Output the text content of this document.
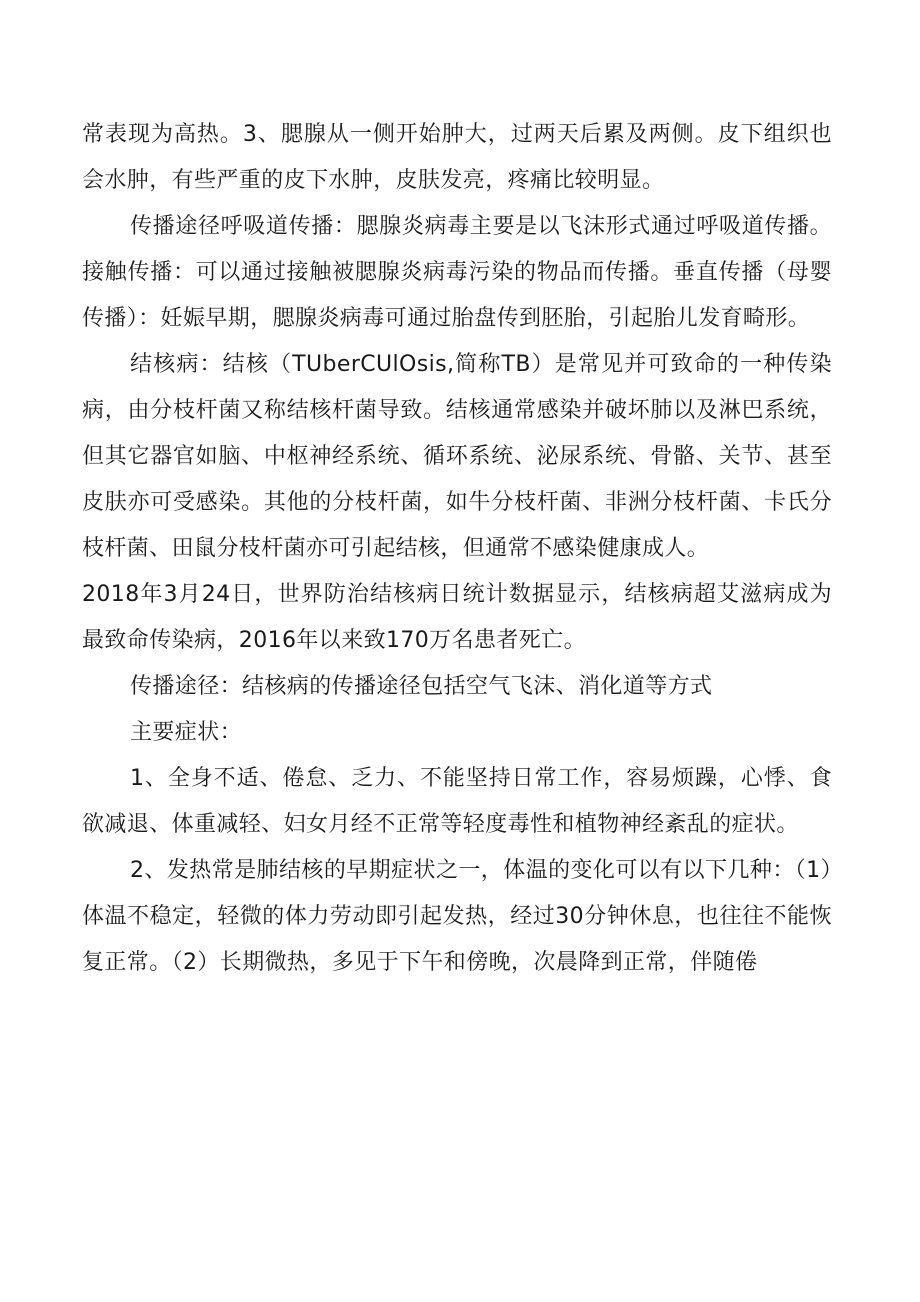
常表现为高热。3、腮腺从一侧开始肿大，过两天后累及两侧。皮下组织也会水肿，有些严重的皮下水肿，皮肤发亮，疼痛比较明显。

传播途径呼吸道传播：腮腺炎病毒主要是以飞沫形式通过呼吸道传播。接触传播：可以通过接触被腮腺炎病毒污染的物品而传播。垂直传播（母婴传播）：妊娠早期，腮腺炎病毒可通过胎盘传到胚胎，引起胎儿发育畸形。

结核病：结核（TUberCUlOsis,简称TB）是常见并可致命的一种传染病，由分枝杆菌又称结核杆菌导致。结核通常感染并破坏肺以及淋巴系统，但其它器官如脑、中枢神经系统、循环系统、泌尿系统、骨骼、关节、甚至皮肤亦可受感染。其他的分枝杆菌，如牛分枝杆菌、非洲分枝杆菌、卡氏分枝杆菌、田鼠分枝杆菌亦可引起结核，但通常不感染健康成人。

2018年3月24日，世界防治结核病日统计数据显示，结核病超艾滋病成为最致命传染病，2016年以来致170万名患者死亡。

传播途径：结核病的传播途径包括空气飞沫、消化道等方式

主要症状：

1、全身不适、倦怠、乏力、不能坚持日常工作，容易烦躁，心悸、食欲减退、体重减轻、妇女月经不正常等轻度毒性和植物神经紊乱的症状。

2、发热常是肺结核的早期症状之一，体温的变化可以有以下几种：（1）体温不稳定，轻微的体力劳动即引起发热，经过30分钟休息，也往往不能恢复正常。（2）长期微热，多见于下午和傍晚，次晨降到正常，伴随倦
